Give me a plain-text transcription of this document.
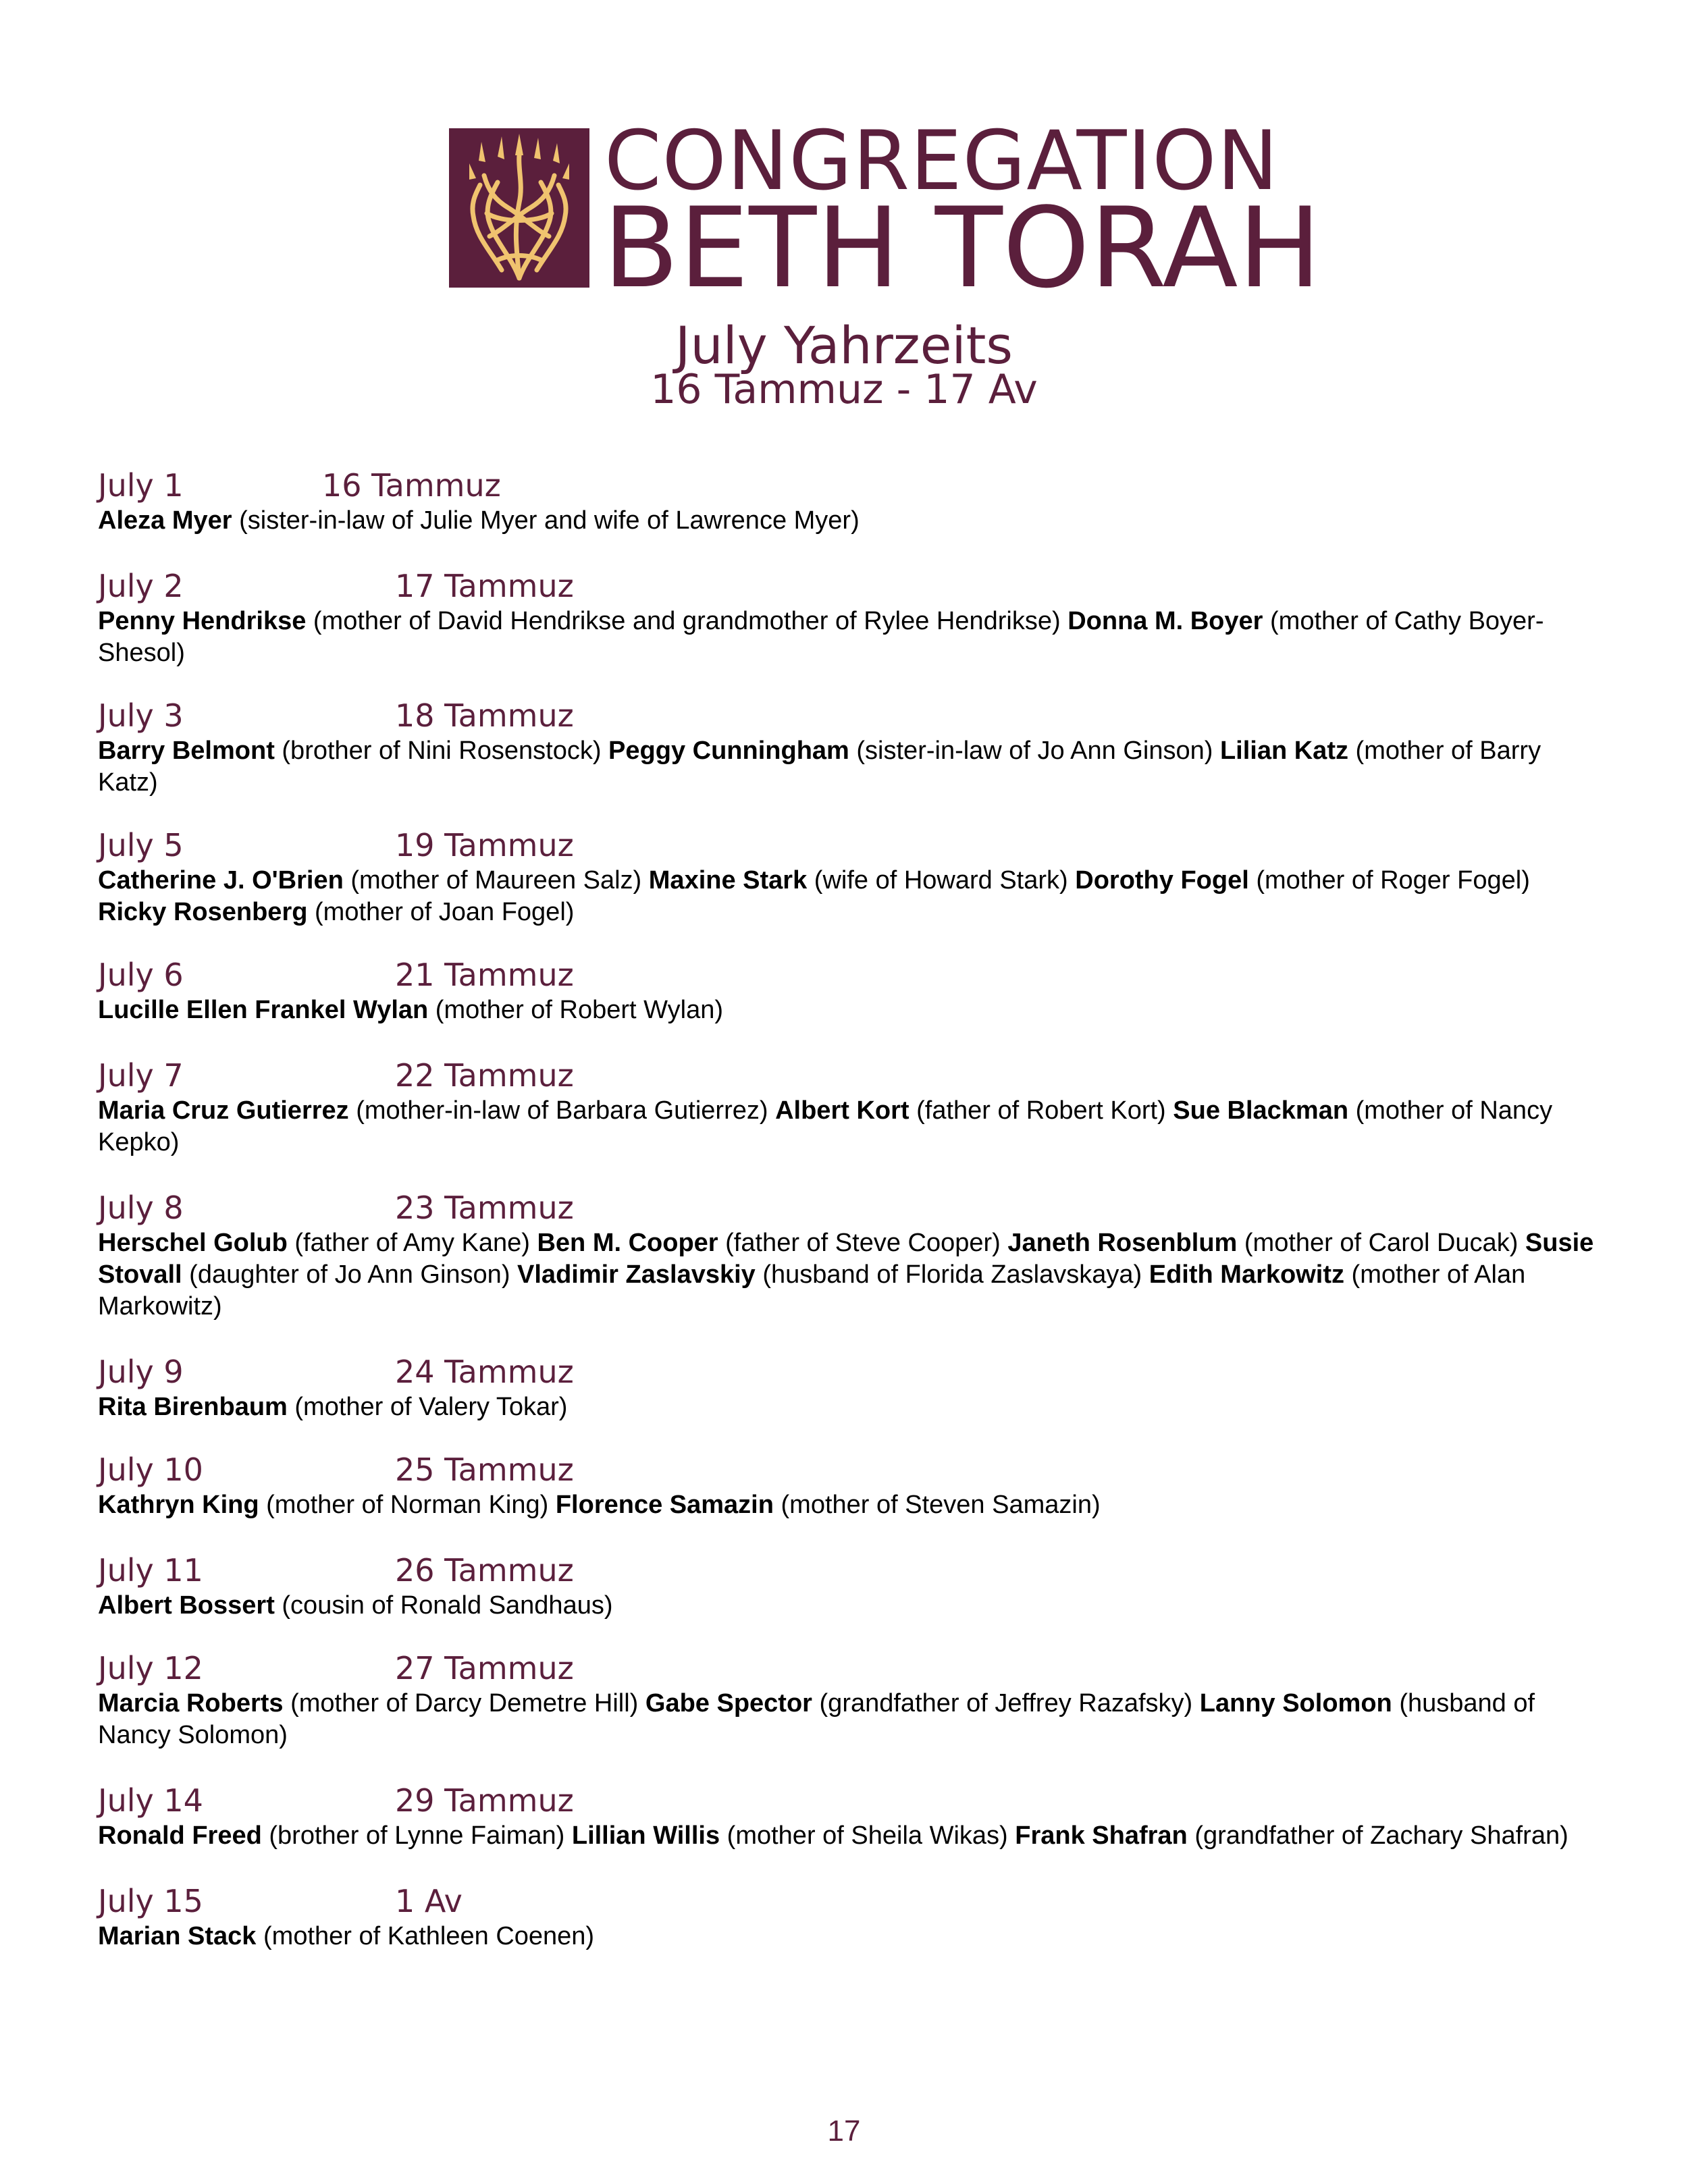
CONGREGATION
BETH TORAH
July Yahrzeits
16 Tammuz - 17 Av
July 1	16 Tammuz

Aleza Myer (sister-in-law of Julie Myer and wife of Lawrence Myer)

July 2	17 Tammuz

Penny Hendrikse (mother of David Hendrikse and grandmother of Rylee Hendrikse) Donna M. Boyer (mother of Cathy Boyer-Shesol)

July 3	18 Tammuz

Barry Belmont (brother of Nini Rosenstock) Peggy Cunningham (sister-in-law of Jo Ann Ginson) Lilian Katz (mother of Barry Katz)

July 5	19 Tammuz

Catherine J. O'Brien (mother of Maureen Salz) Maxine Stark (wife of Howard Stark) Dorothy Fogel (mother of Roger Fogel) Ricky Rosenberg (mother of Joan Fogel)

July 6	21 Tammuz

Lucille Ellen Frankel Wylan (mother of Robert Wylan)

July 7	22 Tammuz

Maria Cruz Gutierrez (mother-in-law of Barbara Gutierrez) Albert Kort (father of Robert Kort) Sue Blackman (mother of Nancy Kepko)

July 8	23 Tammuz

Herschel Golub (father of Amy Kane) Ben M. Cooper (father of Steve Cooper) Janeth Rosenblum (mother of Carol Ducak) Susie Stovall (daughter of Jo Ann Ginson) Vladimir Zaslavskiy (husband of Florida Zaslavskaya) Edith Markowitz (mother of Alan Markowitz)

July 9	24 Tammuz

Rita Birenbaum (mother of Valery Tokar)

July 10	25 Tammuz

Kathryn King (mother of Norman King) Florence Samazin (mother of Steven Samazin)

July 11	26 Tammuz

Albert Bossert (cousin of Ronald Sandhaus)

July 12	27 Tammuz

Marcia Roberts (mother of Darcy Demetre Hill) Gabe Spector (grandfather of Jeffrey Razafsky) Lanny Solomon (husband of Nancy Solomon)

July 14	29 Tammuz

Ronald Freed (brother of Lynne Faiman) Lillian Willis (mother of Sheila Wikas) Frank Shafran (grandfather of Zachary Shafran)

July 15	1 Av

Marian Stack (mother of Kathleen Coenen)

17
